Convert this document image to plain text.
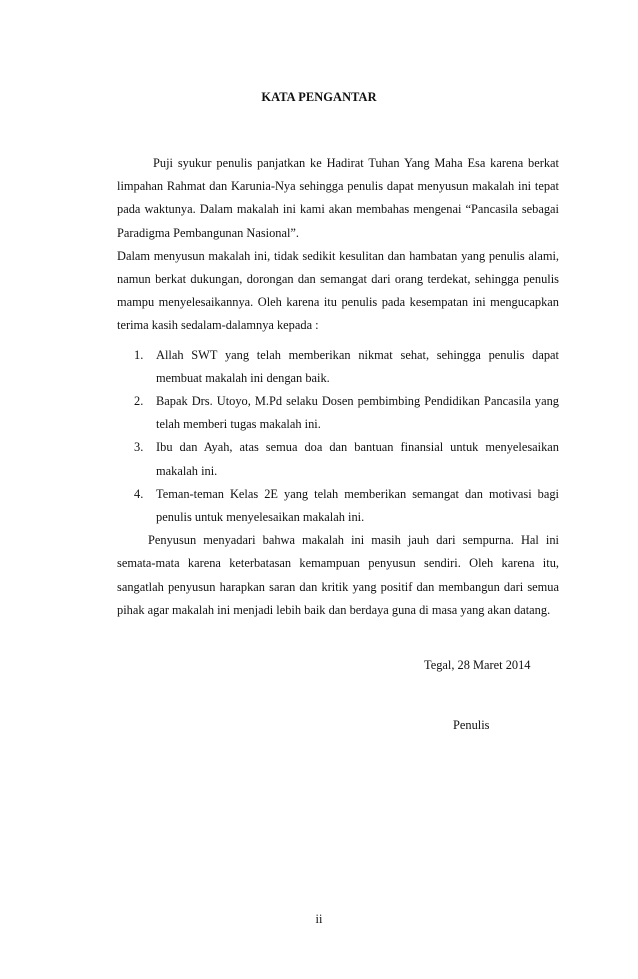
KATA PENGANTAR

Puji syukur penulis panjatkan ke Hadirat Tuhan Yang Maha Esa karena berkat limpahan Rahmat dan Karunia-Nya sehingga penulis dapat menyusun makalah ini tepat pada waktunya. Dalam makalah ini kami akan membahas mengenai “Pancasila sebagai Paradigma Pembangunan Nasional”.

Dalam menyusun makalah ini, tidak sedikit kesulitan dan hambatan yang penulis alami, namun berkat dukungan, dorongan dan semangat dari orang terdekat, sehingga penulis mampu menyelesaikannya. Oleh karena itu penulis pada kesempatan ini mengucapkan terima kasih sedalam-dalamnya kepada :

1. Allah SWT yang telah memberikan nikmat sehat, sehingga penulis dapat membuat makalah ini dengan baik.
2. Bapak Drs. Utoyo, M.Pd selaku Dosen pembimbing Pendidikan Pancasila yang telah memberi tugas makalah ini.
3. Ibu dan Ayah, atas semua doa dan bantuan finansial untuk menyelesaikan makalah ini.
4. Teman-teman Kelas 2E yang telah memberikan semangat dan motivasi bagi penulis untuk menyelesaikan makalah ini.

Penyusun menyadari bahwa makalah ini masih jauh dari sempurna. Hal ini semata-mata karena keterbatasan kemampuan penyusun sendiri. Oleh karena itu, sangatlah penyusun harapkan saran dan kritik yang positif dan membangun dari semua pihak agar makalah ini menjadi lebih baik dan berdaya guna di masa yang akan datang.

Tegal, 28 Maret 2014
Penulis
ii
